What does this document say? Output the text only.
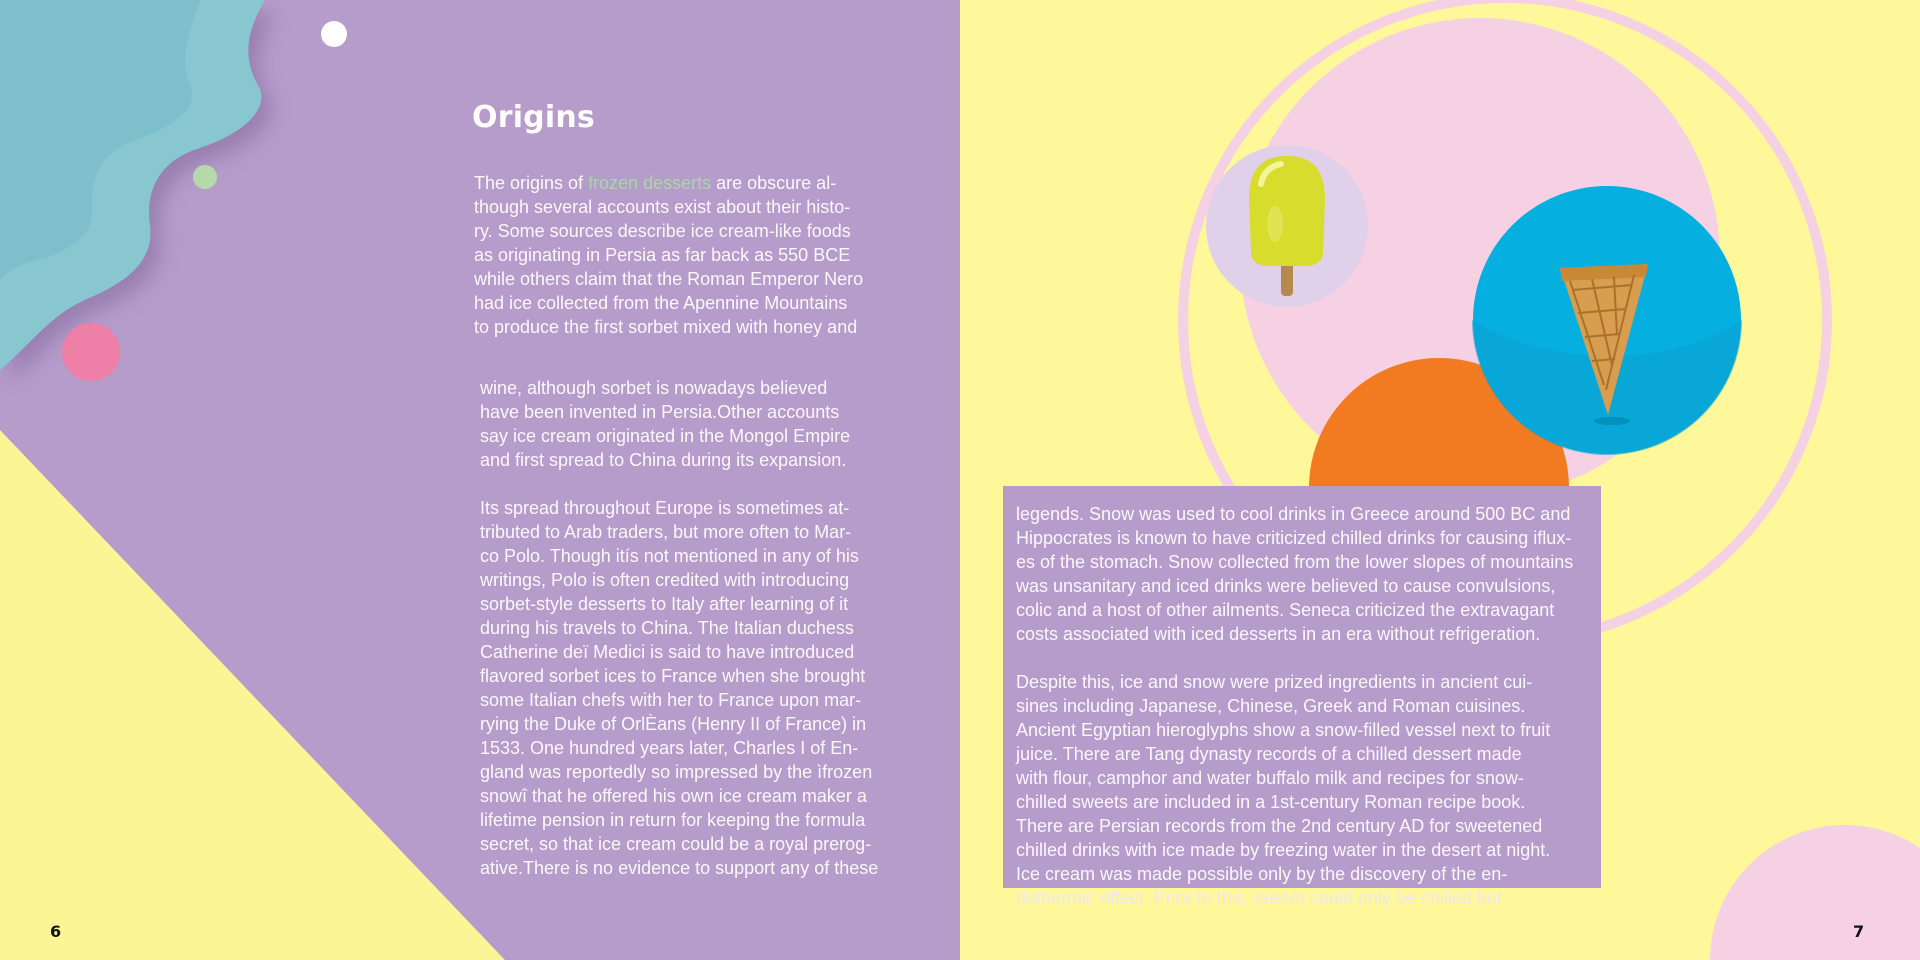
Origins

The origins of frozen desserts are obscure al-
though several accounts exist about their histo-
ry. Some sources describe ice cream-like foods
as originating in Persia as far back as 550 BCE
while others claim that the Roman Emperor Nero
had ice collected from the Apennine Mountains
to produce the first sorbet mixed with honey and

wine, although sorbet is nowadays believed
have been invented in Persia.Other accounts
say ice cream originated in the Mongol Empire
and first spread to China during its expansion.

Its spread throughout Europe is sometimes at-
tributed to Arab traders, but more often to Mar-
co Polo. Though itís not mentioned in any of his
writings, Polo is often credited with introducing
sorbet-style desserts to Italy after learning of it
during his travels to China. The Italian duchess
Catherine deï Medici is said to have introduced
flavored sorbet ices to France when she brought
some Italian chefs with her to France upon mar-
rying the Duke of OrlÈans (Henry II of France) in
1533. One hundred years later, Charles I of En-
gland was reportedly so impressed by the ìfrozen
snowî that he offered his own ice cream maker a
lifetime pension in return for keeping the formula
secret, so that ice cream could be a royal prerog-
ative.There is no evidence to support any of these

6

legends. Snow was used to cool drinks in Greece around 500 BC and
Hippocrates is known to have criticized chilled drinks for causing iflux-
es of the stomach. Snow collected from the lower slopes of mountains
was unsanitary and iced drinks were believed to cause convulsions,
colic and a host of other ailments. Seneca criticized the extravagant
costs associated with iced desserts in an era without refrigeration.

Despite this, ice and snow were prized ingredients in ancient cui-
sines including Japanese, Chinese, Greek and Roman cuisines.
Ancient Egyptian hieroglyphs show a snow-filled vessel next to fruit
juice. There are Tang dynasty records of a chilled dessert made
with flour, camphor and water buffalo milk and recipes for snow-
chilled sweets are included in a 1st-century Roman recipe book.
There are Persian records from the 2nd century AD for sweetened
chilled drinks with ice made by freezing water in the desert at night.
Ice cream was made possible only by the discovery of the en-
dothermic effect. Prior to this, cream could only be chilled but

7
